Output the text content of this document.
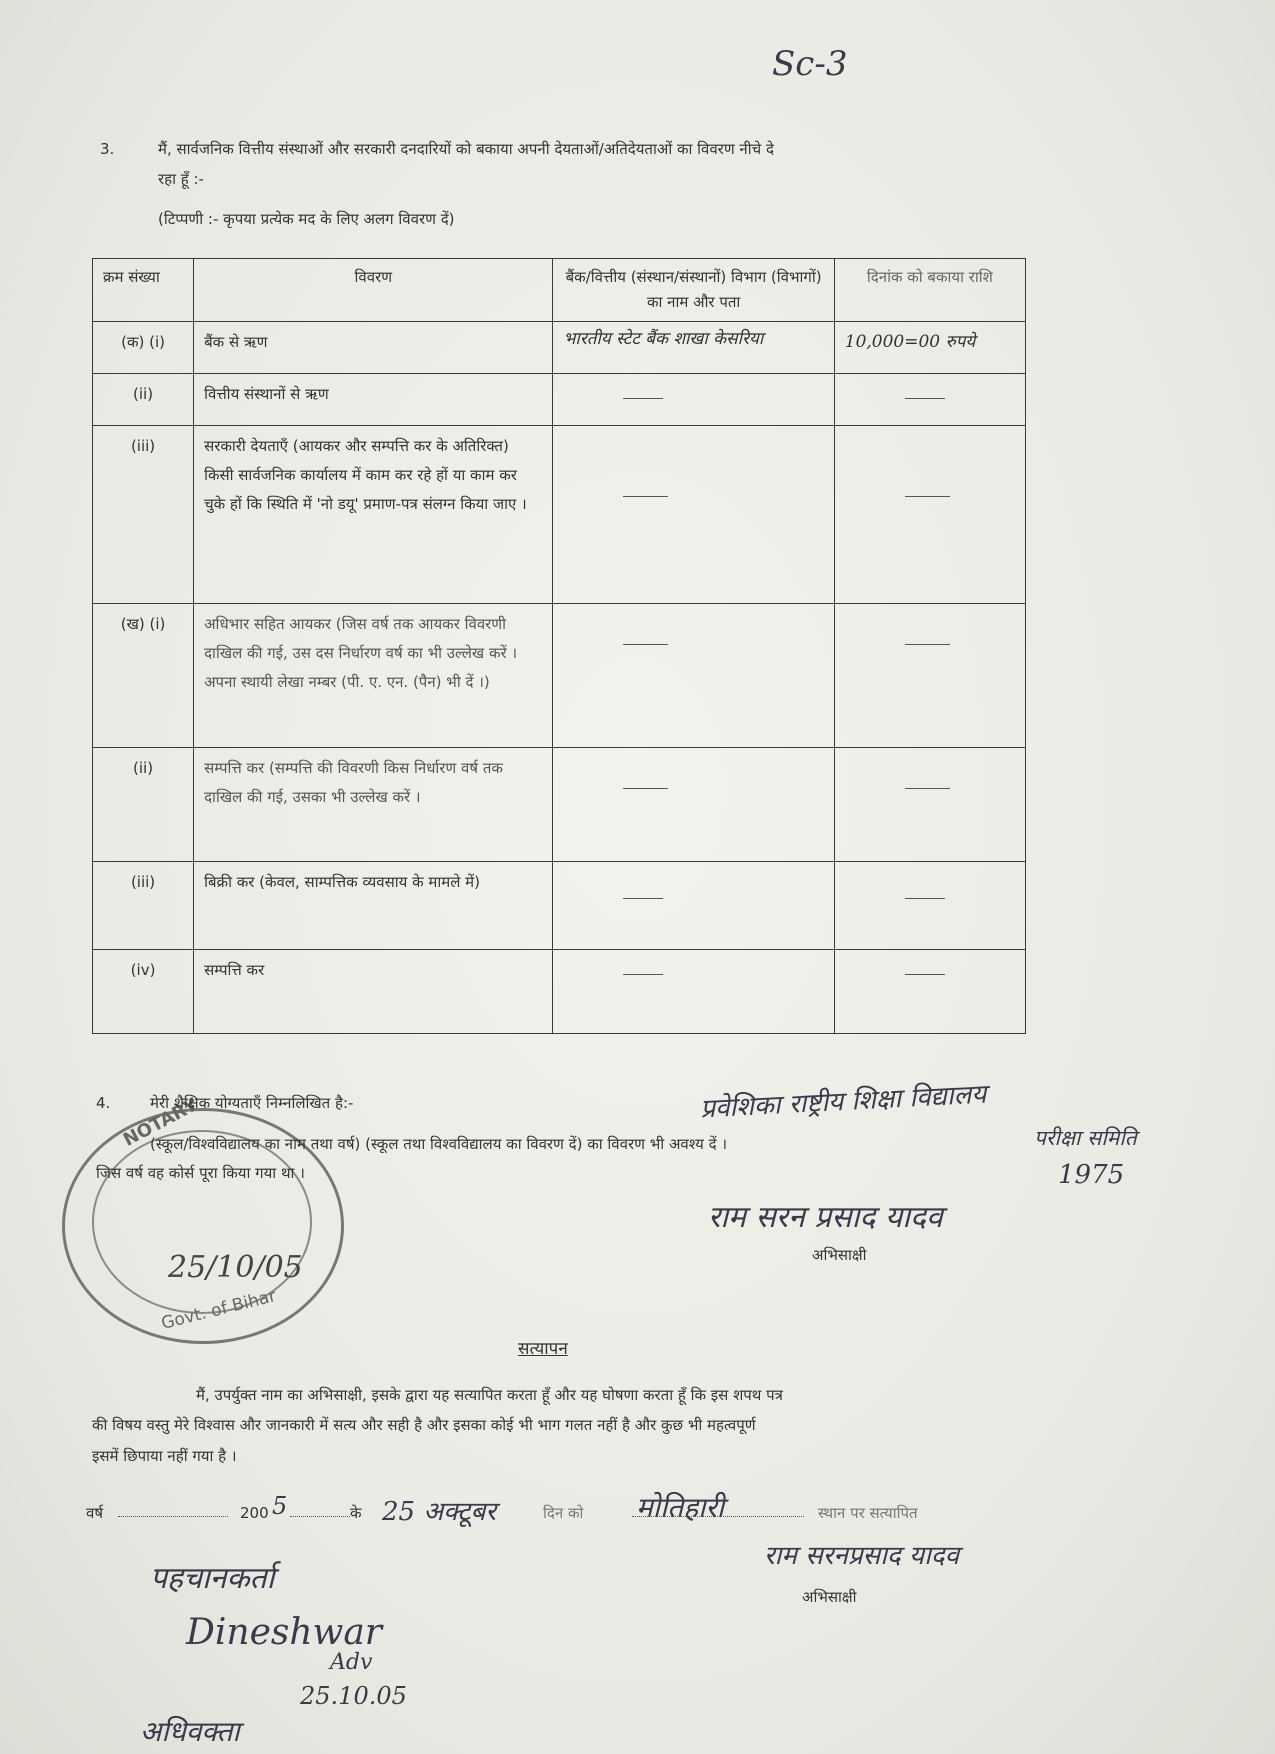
Sc-3
3.	मैं, सार्वजनिक वित्तीय संस्थाओं और सरकारी दनदारियों को बकाया अपनी देयताओं/अतिदेयताओं का विवरण नीचे दे
रहा हूँ :-
(टिप्पणी :- कृपया प्रत्येक मद के लिए अलग विवरण दें)
क्रम संख्या	विवरण	बैंक/वित्तीय (संस्थान/संस्थानों) विभाग (विभागों) का नाम और पता	दिनांक को बकाया राशि
(क) (i)	बैंक से ऋण	भारतीय स्टेट बैंक शाखा केसरिया	10,000=00 रुपये
(ii)	वित्तीय संस्थानों से ऋण		
(iii)	सरकारी देयताएँ (आयकर और सम्पत्ति कर के अतिरिक्त) किसी सार्वजनिक कार्यालय में काम कर रहे हों या काम कर चुके हों कि स्थिति में 'नो डयू' प्रमाण-पत्र संलग्न किया जाए ।		
(ख) (i)	अधिभार सहित आयकर (जिस वर्ष तक आयकर विवरणी दाखिल की गई, उस दस निर्धारण वर्ष का भी उल्लेख करें । अपना स्थायी लेखा नम्बर (पी. ए. एन. (पैन) भी दें ।)		
(ii)	सम्पत्ति कर (सम्पत्ति की विवरणी किस निर्धारण वर्ष तक दाखिल की गई, उसका भी उल्लेख करें ।		
(iii)	बिक्री कर (केवल, साम्पत्तिक व्यवसाय के मामले में)		
(iv)	सम्पत्ति कर		
NOTARY
Govt. of Bihar
25/10/05
4.	मेरी शैक्षिक योग्यताएँ निम्नलिखित है:-
(स्कूल/विश्वविद्यालय का नाम तथा वर्ष) (स्कूल तथा विश्वविद्यालय का विवरण दें) का विवरण भी अवश्य दें ।
जिस वर्ष वह कोर्स पूरा किया गया था ।
प्रवेशिका राष्ट्रीय शिक्षा विद्यालय
परीक्षा समिति
1975
राम सरन प्रसाद यादव
अभिसाक्षी
सत्यापन
मैं, उपर्युक्त नाम का अभिसाक्षी, इसके द्वारा यह सत्यापित करता हूँ और यह घोषणा करता हूँ कि इस शपथ पत्र
की विषय वस्तु मेरे विश्वास और जानकारी में सत्य और सही है और इसका कोई भी भाग गलत नहीं है और कुछ भी महत्वपूर्ण
इसमें छिपाया नहीं गया है ।
वर्ष	200 5	के 25 अक्टूबर	दिन को मोतिहारी	स्थान पर सत्यापित
राम सरनप्रसाद यादव
अभिसाक्षी
पहचानकर्ता
Dineshwar
Adv
25.10.05
अधिवक्ता
